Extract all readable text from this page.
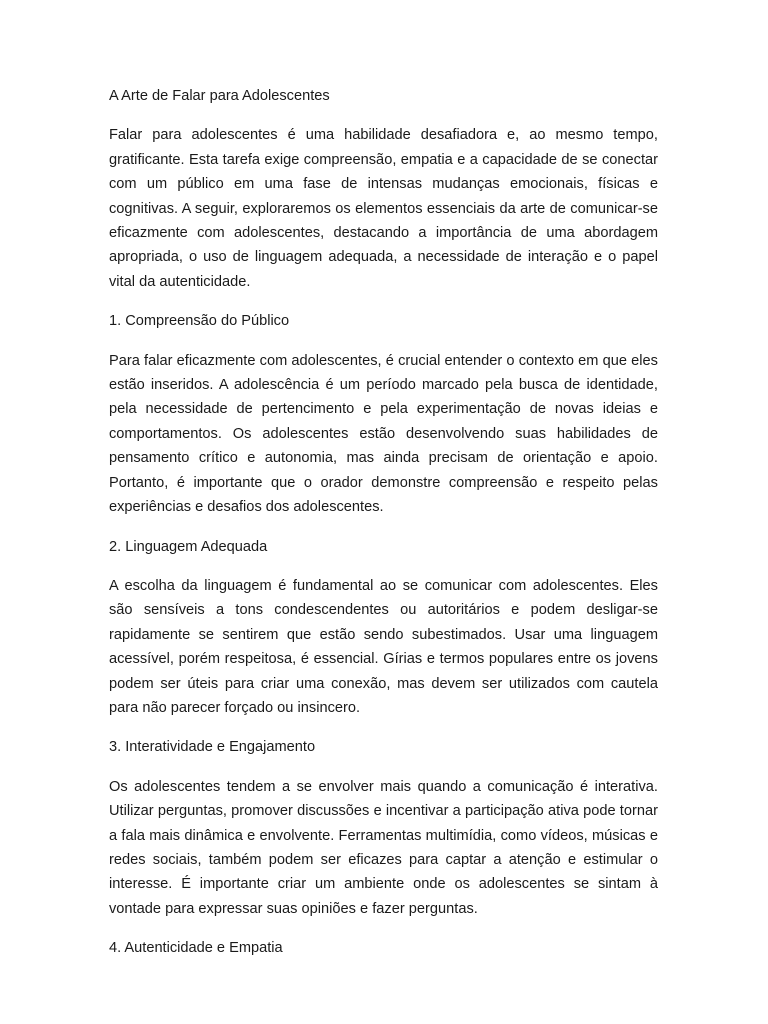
A Arte de Falar para Adolescentes

Falar para adolescentes é uma habilidade desafiadora e, ao mesmo tempo, gratificante. Esta tarefa exige compreensão, empatia e a capacidade de se conectar com um público em uma fase de intensas mudanças emocionais, físicas e cognitivas. A seguir, exploraremos os elementos essenciais da arte de comunicar-se eficazmente com adolescentes, destacando a importância de uma abordagem apropriada, o uso de linguagem adequada, a necessidade de interação e o papel vital da autenticidade.

1. Compreensão do Público

Para falar eficazmente com adolescentes, é crucial entender o contexto em que eles estão inseridos. A adolescência é um período marcado pela busca de identidade, pela necessidade de pertencimento e pela experimentação de novas ideias e comportamentos. Os adolescentes estão desenvolvendo suas habilidades de pensamento crítico e autonomia, mas ainda precisam de orientação e apoio. Portanto, é importante que o orador demonstre compreensão e respeito pelas experiências e desafios dos adolescentes.

2. Linguagem Adequada

A escolha da linguagem é fundamental ao se comunicar com adolescentes. Eles são sensíveis a tons condescendentes ou autoritários e podem desligar-se rapidamente se sentirem que estão sendo subestimados. Usar uma linguagem acessível, porém respeitosa, é essencial. Gírias e termos populares entre os jovens podem ser úteis para criar uma conexão, mas devem ser utilizados com cautela para não parecer forçado ou insincero.

3. Interatividade e Engajamento

Os adolescentes tendem a se envolver mais quando a comunicação é interativa. Utilizar perguntas, promover discussões e incentivar a participação ativa pode tornar a fala mais dinâmica e envolvente. Ferramentas multimídia, como vídeos, músicas e redes sociais, também podem ser eficazes para captar a atenção e estimular o interesse. É importante criar um ambiente onde os adolescentes se sintam à vontade para expressar suas opiniões e fazer perguntas.

4. Autenticidade e Empatia
